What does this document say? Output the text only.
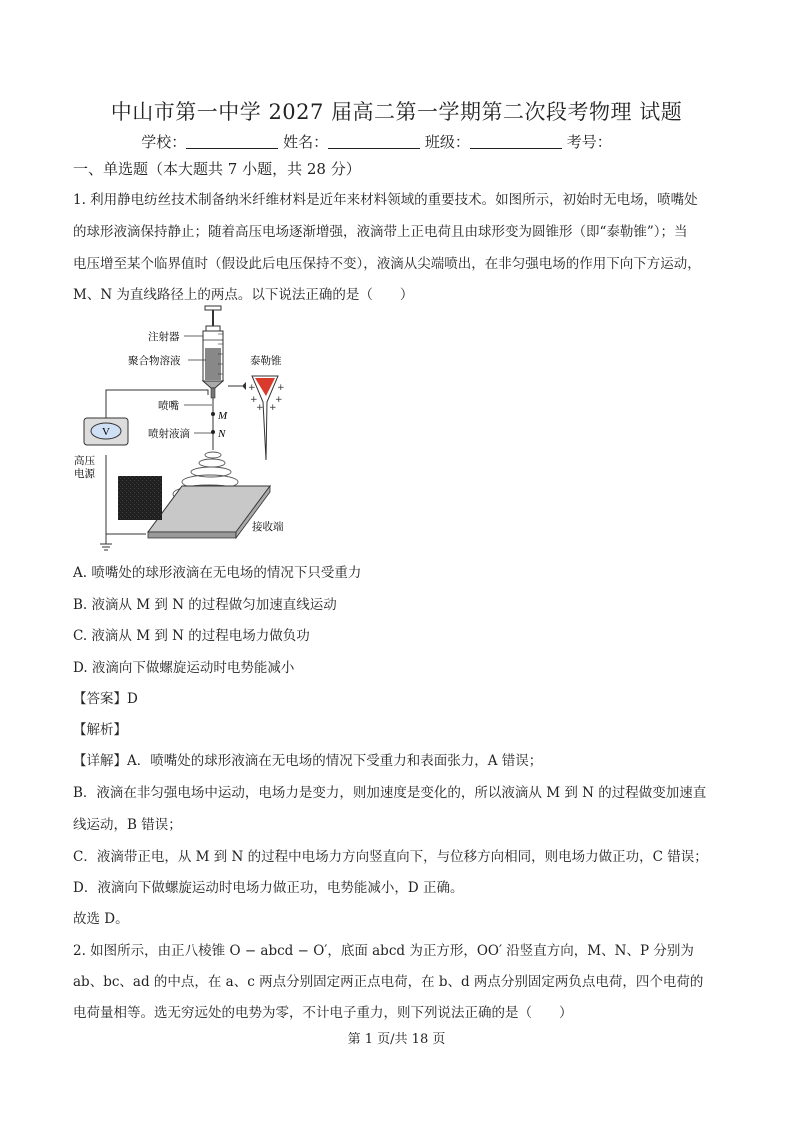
中山市第一中学 2027 届高二第一学期第二次段考物理 试题
学校：	姓名：	班级：	考号：
一、单选题（本大题共 7 小题，共 28 分）
1. 利用静电纺丝技术制备纳米纤维材料是近年来材料领域的重要技术。如图所示，初始时无电场，喷嘴处
的球形液滴保持静止；随着高压电场逐渐增强，液滴带上正电荷且由球形变为圆锥形（即“泰勒锥”）；当
电压增至某个临界值时（假设此后电压保持不变），液滴从尖端喷出，在非匀强电场的作用下向下方运动，
M、N 为直线路径上的两点。以下说法正确的是（　　）
V
高压
电源
注射器
聚合物溶液
喷嘴
喷射液滴
M
N
接收端
泰勒锥
+
+
+
+
+ +
A. 喷嘴处的球形液滴在无电场的情况下只受重力
B. 液滴从 M 到 N 的过程做匀加速直线运动
C. 液滴从 M 到 N 的过程电场力做负功
D. 液滴向下做螺旋运动时电势能减小
【答案】D
【解析】
【详解】A．喷嘴处的球形液滴在无电场的情况下受重力和表面张力，A 错误；
B．液滴在非匀强电场中运动，电场力是变力，则加速度是变化的，所以液滴从 M 到 N 的过程做变加速直
线运动，B 错误；
C．液滴带正电，从 M 到 N 的过程中电场力方向竖直向下，与位移方向相同，则电场力做正功，C 错误；
D．液滴向下做螺旋运动时电场力做正功，电势能减小，D 正确。
故选 D。
2. 如图所示，由正八棱锥 O − abcd − O′，底面 abcd 为正方形，OO′ 沿竖直方向，M、N、P 分别为
ab、bc、ad 的中点，在 a、c 两点分别固定两正点电荷，在 b、d 两点分别固定两负点电荷，四个电荷的
电荷量相等。选无穷远处的电势为零，不计电子重力，则下列说法正确的是（　　）
第 1 页/共 18 页
